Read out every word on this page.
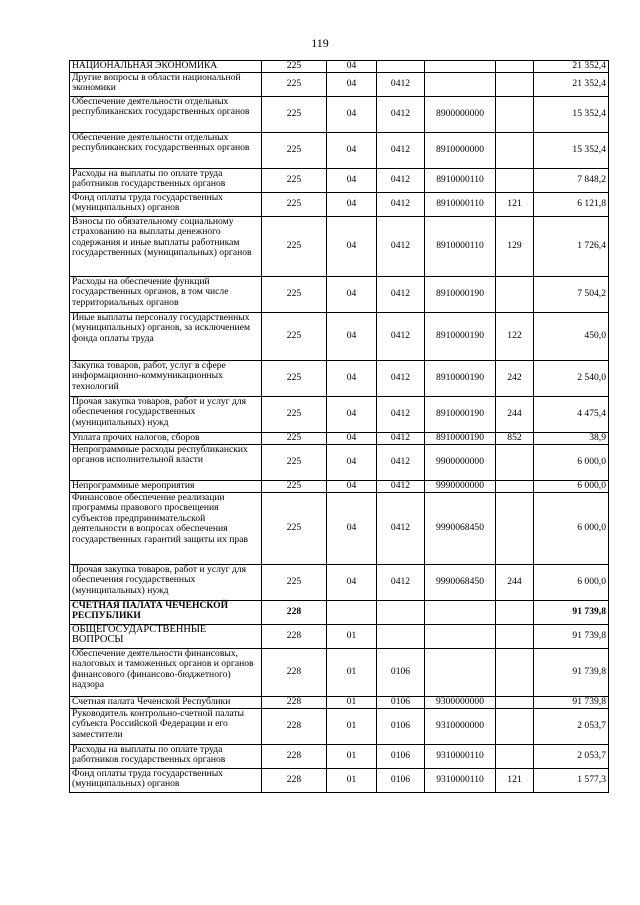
119
НАЦИОНАЛЬНАЯ ЭКОНОМИКА	225	04				21 352,4
Другие вопросы в области национальной экономики	225	04	0412			21 352,4
Обеспечение деятельности отдельных республиканских государственных органов	225	04	0412	8900000000		15 352,4
Обеспечение деятельности отдельных республиканских государственных органов	225	04	0412	8910000000		15 352,4
Расходы на выплаты по оплате труда работников государственных органов	225	04	0412	8910000110		7 848,2
Фонд оплаты труда государственных (муниципальных) органов	225	04	0412	8910000110	121	6 121,8
Взносы по обязательному социальному страхованию на выплаты денежного содержания и иные выплаты работникам государственных (муниципальных) органов	225	04	0412	8910000110	129	1 726,4
Расходы на обеспечение функций государственных органов, в том числе территориальных органов	225	04	0412	8910000190		7 504,2
Иные выплаты персоналу государственных (муниципальных) органов, за исключением фонда оплаты труда	225	04	0412	8910000190	122	450,0
Закупка товаров, работ, услуг в сфере информационно-коммуникационных технологий	225	04	0412	8910000190	242	2 540,0
Прочая закупка товаров, работ и услуг для обеспечения государственных (муниципальных) нужд	225	04	0412	8910000190	244	4 475,4
Уплата прочих налогов, сборов	225	04	0412	8910000190	852	38,9
Непрограммные расходы республиканских органов исполнительной власти	225	04	0412	9900000000		6 000,0
Непрограммные мероприятия	225	04	0412	9990000000		6 000,0
Финансовое обеспечение реализации программы правового просвещения субъектов предпринимательской деятельности в вопросах обеспечения государственных гарантий защиты их прав	225	04	0412	9990068450		6 000,0
Прочая закупка товаров, работ и услуг для обеспечения государственных (муниципальных) нужд	225	04	0412	9990068450	244	6 000,0
СЧЕТНАЯ ПАЛАТА ЧЕЧЕНСКОЙ РЕСПУБЛИКИ	228					91 739,8
ОБЩЕГОСУДАРСТВЕННЫЕ ВОПРОСЫ	228	01				91 739,8
Обеспечение деятельности финансовых, налоговых и таможенных органов и органов финансового (финансово-бюджетного) надзора	228	01	0106			91 739,8
Счетная палата Чеченской Республики	228	01	0106	9300000000		91 739,8
Руководитель контрольно-счетной палаты субъекта Российской Федерации и его заместители	228	01	0106	9310000000		2 053,7
Расходы на выплаты по оплате труда работников государственных органов	228	01	0106	9310000110		2 053,7
Фонд оплаты труда государственных (муниципальных) органов	228	01	0106	9310000110	121	1 577,3
